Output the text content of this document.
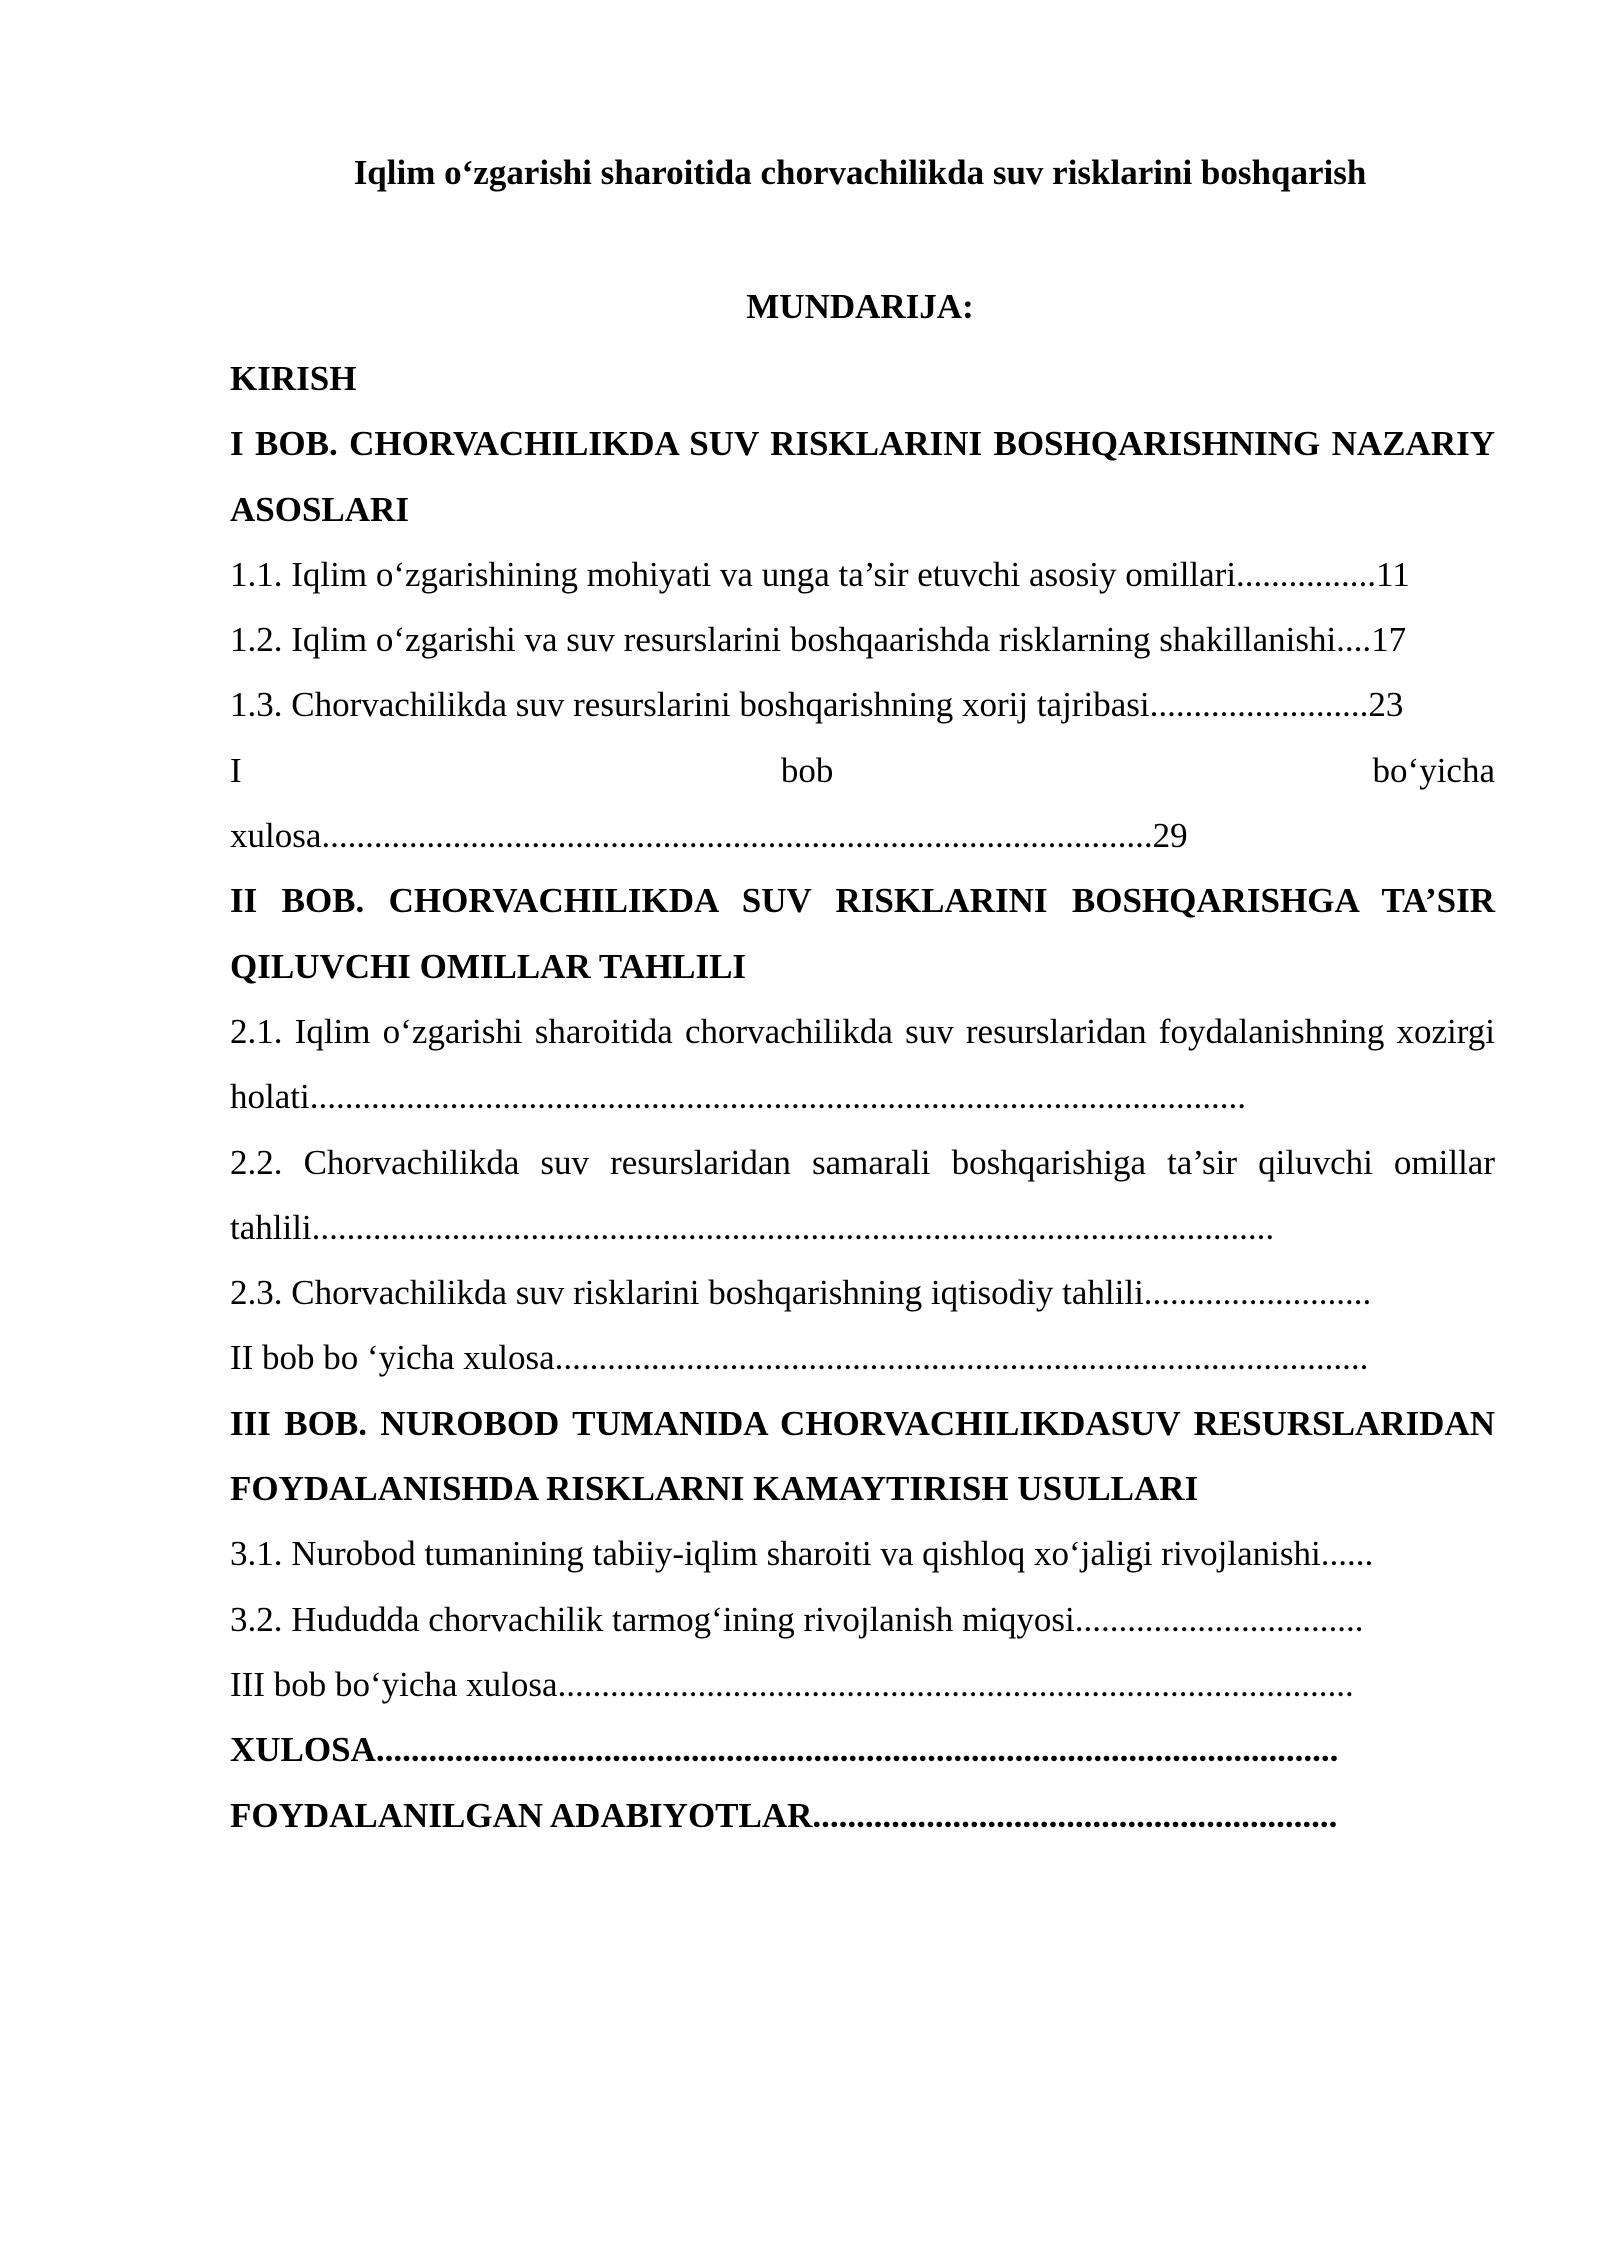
Iqlim o‘zgarishi sharoitida chorvachilikda suv risklarini boshqarish
MUNDARIJA:

KIRISH

I BOB. CHORVACHILIKDA SUV RISKLARINI BOSHQARISHNING NAZARIY ASOSLARI

1.1. Iqlim o‘zgarishining mohiyati va unga ta’sir etuvchi asosiy omillari................11

1.2. Iqlim o‘zgarishi va suv resurslarini boshqaarishda risklarning shakillanishi....17

1.3. Chorvachilikda suv resurslarini boshqarishning xorij tajribasi.........................23

I bob bo‘yicha

xulosa...............................................................................................29

II BOB. CHORVACHILIKDA SUV RISKLARINI BOSHQARISHGA TA’SIR QILUVCHI OMILLAR TAHLILI

2.1. Iqlim o‘zgarishi sharoitida chorvachilikda suv resurslaridan foydalanishning xozirgi holati...........................................................................................................

2.2. Chorvachilikda suv resurslaridan samarali boshqarishiga ta’sir qiluvchi omillar tahlili..............................................................................................................

2.3. Chorvachilikda suv risklarini boshqarishning iqtisodiy tahlili..........................

II bob bo ‘yicha xulosa.............................................................................................

III BOB. NUROBOD TUMANIDA CHORVACHILIKDASUV RESURSLARIDAN FOYDALANISHDA RISKLARNI KAMAYTIRISH USULLARI

3.1. Nurobod tumanining tabiiy-iqlim sharoiti va qishloq xo‘jaligi rivojlanishi......

3.2. Hududda chorvachilik tarmog‘ining rivojlanish miqyosi.................................

III bob bo‘yicha xulosa...........................................................................................

XULOSA..............................................................................................................

FOYDALANILGAN ADABIYOTLAR............................................................
